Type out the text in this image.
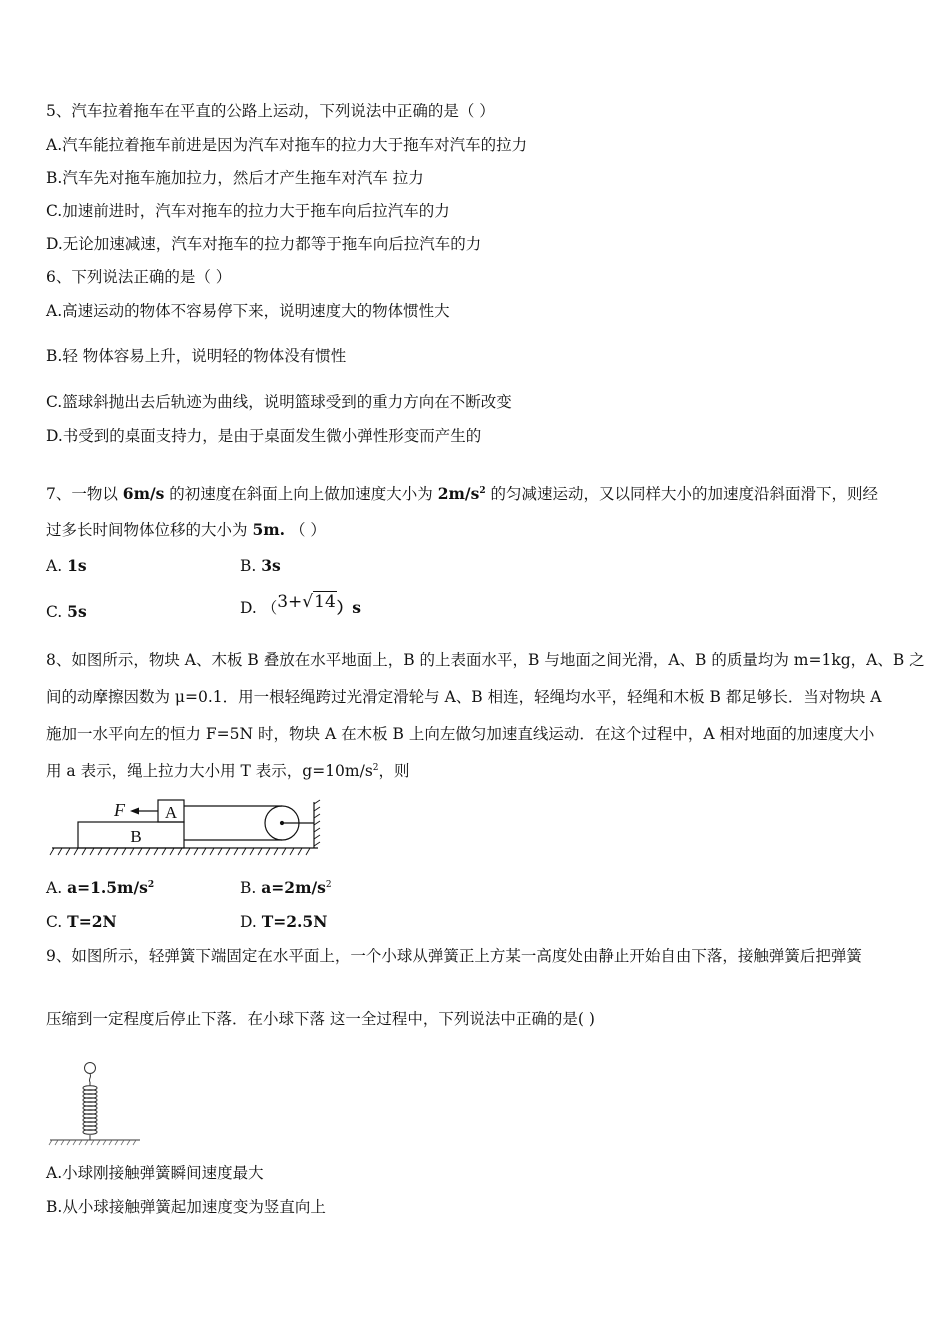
5、汽车拉着拖车在平直的公路上运动，下列说法中正确的是（ ）
A.汽车能拉着拖车前进是因为汽车对拖车的拉力大于拖车对汽车的拉力
B.汽车先对拖车施加拉力，然后才产生拖车对汽车 拉力
C.加速前进时，汽车对拖车的拉力大于拖车向后拉汽车的力
D.无论加速减速，汽车对拖车的拉力都等于拖车向后拉汽车的力
6、下列说法正确的是（ ）
A.高速运动的物体不容易停下来，说明速度大的物体惯性大
B.轻 物体容易上升，说明轻的物体没有惯性
C.篮球斜抛出去后轨迹为曲线，说明篮球受到的重力方向在不断改变
D.书受到的桌面支持力，是由于桌面发生微小弹性形变而产生的
7、一物以 6m/s 的初速度在斜面上向上做加速度大小为 $2m/s^2$ 的匀减速运动，又以同样大小的加速度沿斜面滑下，则经
过多长时间物体位移的大小为 5m. （ ）
A. 1s	B. 3s
C. 5s	D. （3+√14）s
8、如图所示，物块 A、木板 B 叠放在水平地面上，B 的上表面水平，B 与地面之间光滑，A、B 的质量均为 m=1kg，A、B 之
间的动摩擦因数为 μ=0.1．用一根轻绳跨过光滑定滑轮与 A、B 相连，轻绳均水平，轻绳和木板 B 都足够长．当对物块 A
施加一水平向左的恒力 F=5N 时，物块 A 在木板 B 上向左做匀加速直线运动．在这个过程中，A 相对地面的加速度大小
用 a 表示，绳上拉力大小用 T 表示，$g=10m/s^2$，则
F A
B
A. $a=1.5m/s^2$	B. $a=2m/s^2$
C. T=2N	D. T=2.5N
9、如图所示，轻弹簧下端固定在水平面上，一个小球从弹簧正上方某一高度处由静止开始自由下落，接触弹簧后把弹簧
压缩到一定程度后停止下落．在小球下落 这一全过程中，下列说法中正确的是( )
A.小球刚接触弹簧瞬间速度最大
B.从小球接触弹簧起加速度变为竖直向上
